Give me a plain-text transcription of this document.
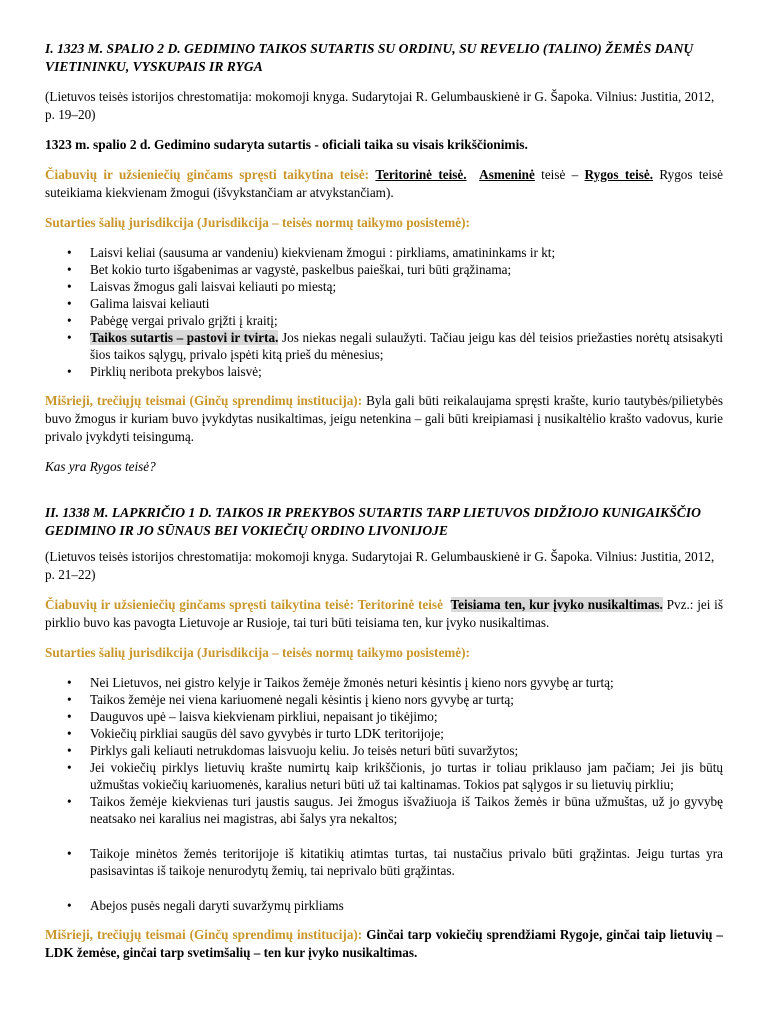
I. 1323 M. SPALIO 2 D. GEDIMINO TAIKOS SUTARTIS SU ORDINU, SU REVELIO (TALINO) ŽEMĖS DANŲ VIETININKU, VYSKUPAIS IR RYGA

(Lietuvos teisės istorijos chrestomatija: mokomoji knyga. Sudarytojai R. Gelumbauskienė ir G. Šapoka. Vilnius: Justitia, 2012, p. 19–20)

1323 m. spalio 2 d. Gedimino sudaryta sutartis - oficiali taika su visais krikščionimis.

Čiabuvių ir užsieniečių ginčams spręsti taikytina teisė: Teritorinė teisė. Asmeninė teisė – Rygos teisė. Rygos teisė suteikiama kiekvienam žmogui (išvykstančiam ar atvykstančiam).

Sutarties šalių jurisdikcija (Jurisdikcija – teisės normų taikymo posistemė):

• Laisvi keliai (sausuma ar vandeniu) kiekvienam žmogui : pirkliams, amatininkams ir kt;
• Bet kokio turto išgabenimas ar vagystė, paskelbus paieškai, turi būti grąžinama;
• Laisvas žmogus gali laisvai keliauti po miestą;
• Galima laisvai keliauti
• Pabėgę vergai privalo grįžti į kraitį;
• Taikos sutartis – pastovi ir tvirta. Jos niekas negali sulaužyti. Tačiau jeigu kas dėl teisios priežasties norėtų atsisakyti šios taikos sąlygų, privalo įspėti kitą prieš du mėnesius;
• Pirklių neribota prekybos laisvė;

Mišrieji, trečiųjų teismai (Ginčų sprendimų institucija): Byla gali būti reikalaujama spręsti krašte, kurio tautybės/pilietybės buvo žmogus ir kuriam buvo įvykdytas nusikaltimas, jeigu netenkina – gali būti kreipiamasi į nusikaltėlio krašto vadovus, kurie privalo įvykdyti teisingumą.

Kas yra Rygos teisė?

II. 1338 M. LAPKRIČIO 1 D. TAIKOS IR PREKYBOS SUTARTIS TARP LIETUVOS DIDŽIOJO KUNIGAIKŠČIO GEDIMINO IR JO SŪNAUS BEI VOKIEČIŲ ORDINO LIVONIJOJE

(Lietuvos teisės istorijos chrestomatija: mokomoji knyga. Sudarytojai R. Gelumbauskienė ir G. Šapoka. Vilnius: Justitia, 2012, p. 21–22)

Čiabuvių ir užsieniečių ginčams spręsti taikytina teisė: Teritorinė teisė Teisiama ten, kur įvyko nusikaltimas. Pvz.: jei iš pirklio buvo kas pavogta Lietuvoje ar Rusioje, tai turi būti teisiama ten, kur įvyko nusikaltimas.

Sutarties šalių jurisdikcija (Jurisdikcija – teisės normų taikymo posistemė):

• Nei Lietuvos, nei gistro kelyje ir Taikos žemėje žmonės neturi kėsintis į kieno nors gyvybę ar turtą;
• Taikos žemėje nei viena kariuomenė negali kėsintis į kieno nors gyvybę ar turtą;
• Dauguvos upė – laisva kiekvienam pirkliui, nepaisant jo tikėjimo;
• Vokiečių pirkliai saugūs dėl savo gyvybės ir turto LDK teritorijoje;
• Pirklys gali keliauti netrukdomas laisvuoju keliu. Jo teisės neturi būti suvaržytos;
• Jei vokiečių pirklys lietuvių krašte numirtų kaip krikščionis, jo turtas ir toliau priklauso jam pačiam; Jei jis būtų užmuštas vokiečių kariuomenės, karalius neturi būti už tai kaltinamas. Tokios pat sąlygos ir su lietuvių pirkliu;
• Taikos žemėje kiekvienas turi jaustis saugus. Jei žmogus išvažiuoja iš Taikos žemės ir būna užmuštas, už jo gyvybę neatsako nei karalius nei magistras, abi šalys yra nekaltos;
• Taikoje minėtos žemės teritorijoje iš kitatikių atimtas turtas, tai nustačius privalo būti grąžintas. Jeigu turtas yra pasisavintas iš taikoje nenurodytų žemių, tai neprivalo būti grąžintas.
• Abejos pusės negali daryti suvaržymų pirkliams

Mišrieji, trečiųjų teismai (Ginčų sprendimų institucija): Ginčai tarp vokiečių sprendžiami Rygoje, ginčai taip lietuvių – LDK žemėse, ginčai tarp svetimšalių – ten kur įvyko nusikaltimas.
